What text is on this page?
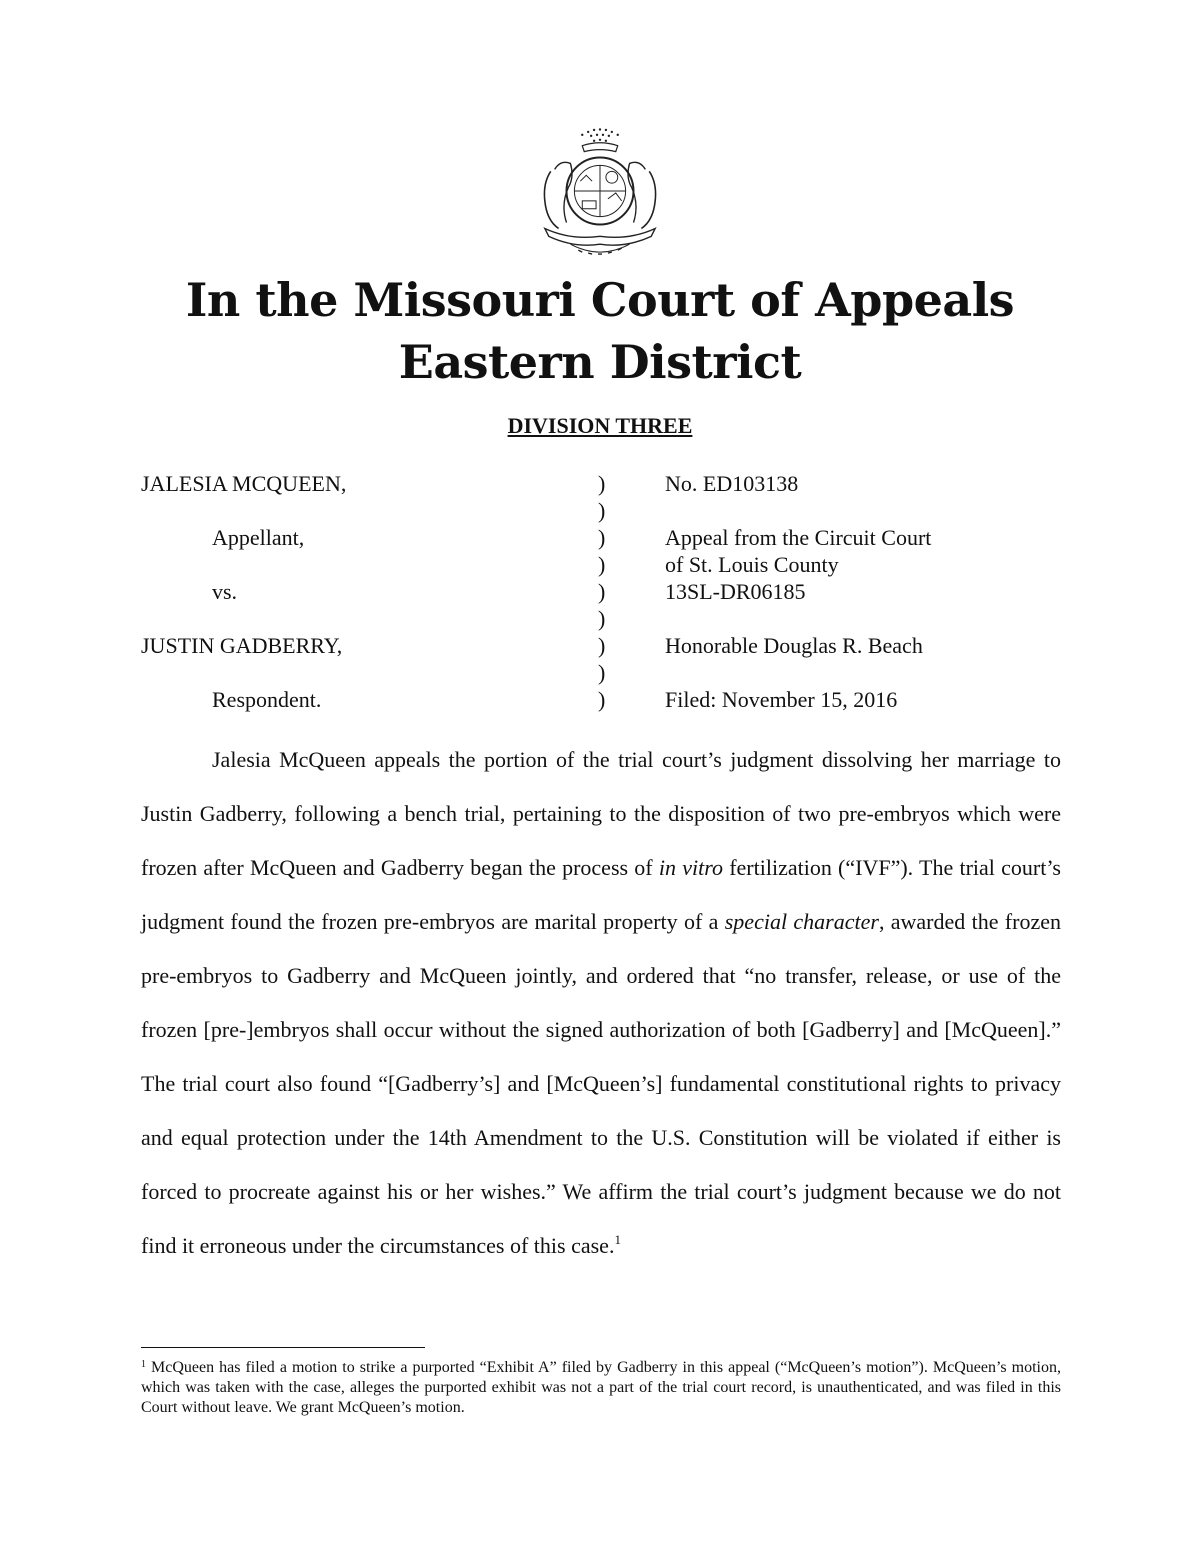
In the Missouri Court of Appeals
Eastern District
DIVISION THREE
JALESIA MCQUEEN,
Appellant,
vs.
JUSTIN GADBERRY,
Respondent.
)
)
)
)
)
)
)
)
)
No. ED103138
Appeal from the Circuit Court
of St. Louis County
13SL-DR06185
Honorable Douglas R. Beach
Filed: November 15, 2016

Jalesia McQueen appeals the portion of the trial court’s judgment dissolving her marriage to Justin Gadberry, following a bench trial, pertaining to the disposition of two pre-embryos which were frozen after McQueen and Gadberry began the process of in vitro fertilization (“IVF”). The trial court’s judgment found the frozen pre-embryos are marital property of a special character, awarded the frozen pre-embryos to Gadberry and McQueen jointly, and ordered that “no transfer, release, or use of the frozen [pre-]embryos shall occur without the signed authorization of both [Gadberry] and [McQueen].” The trial court also found “[Gadberry’s] and [McQueen’s] fundamental constitutional rights to privacy and equal protection under the 14th Amendment to the U.S. Constitution will be violated if either is forced to procreate against his or her wishes.” We affirm the trial court’s judgment because we do not find it erroneous under the circumstances of this case.$^1$

$^1$ McQueen has filed a motion to strike a purported “Exhibit A” filed by Gadberry in this appeal (“McQueen’s motion”). McQueen’s motion, which was taken with the case, alleges the purported exhibit was not a part of the trial court record, is unauthenticated, and was filed in this Court without leave. We grant McQueen’s motion.
